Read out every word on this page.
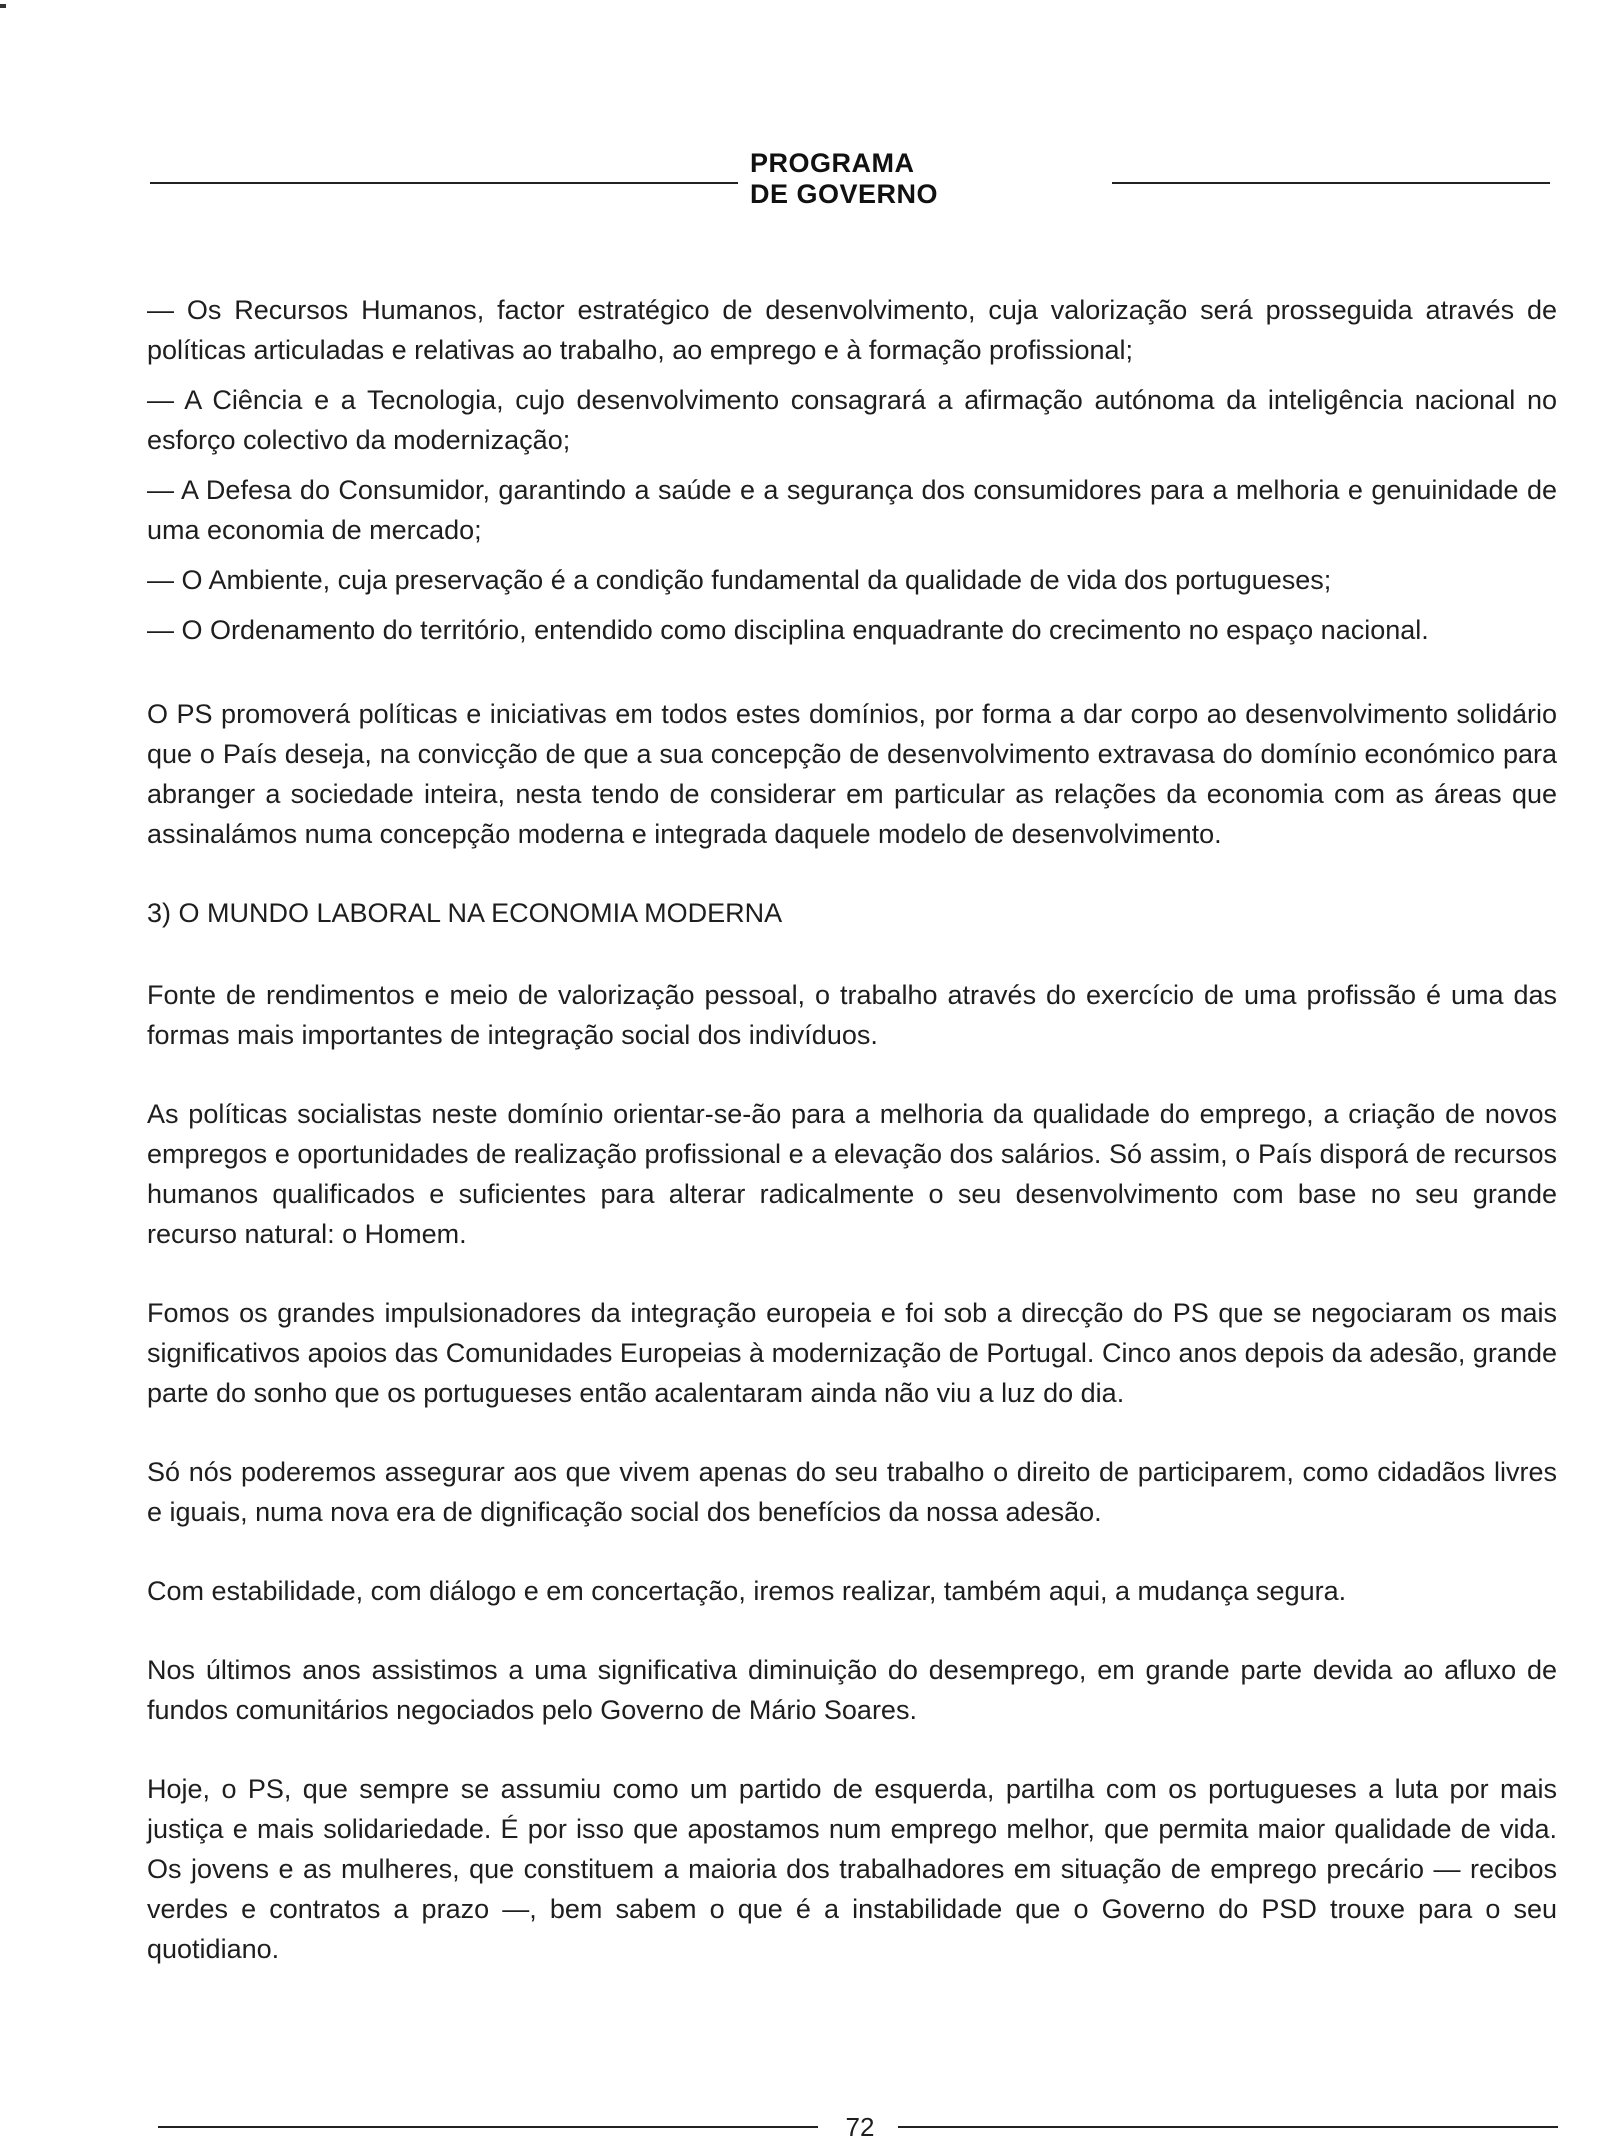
PROGRAMA
DE GOVERNO

— Os Recursos Humanos, factor estratégico de desenvolvimento, cuja valorização será prosseguida através de políticas articuladas e relativas ao trabalho, ao emprego e à formação profissional;

— A Ciência e a Tecnologia, cujo desenvolvimento consagrará a afirmação autónoma da inteligência nacional no esforço colectivo da modernização;

— A Defesa do Consumidor, garantindo a saúde e a segurança dos consumidores para a melhoria e genuinidade de uma economia de mercado;

— O Ambiente, cuja preservação é a condição fundamental da qualidade de vida dos portugueses;

— O Ordenamento do território, entendido como disciplina enquadrante do crecimento no espaço nacional.

O PS promoverá políticas e iniciativas em todos estes domínios, por forma a dar corpo ao desenvolvimento solidário que o País deseja, na convicção de que a sua concepção de desenvolvimento extravasa do domínio económico para abranger a sociedade inteira, nesta tendo de considerar em particular as relações da economia com as áreas que assinalámos numa concepção moderna e integrada daquele modelo de desenvolvimento.

3) O MUNDO LABORAL NA ECONOMIA MODERNA

Fonte de rendimentos e meio de valorização pessoal, o trabalho através do exercício de uma profissão é uma das formas mais importantes de integração social dos indivíduos.

As políticas socialistas neste domínio orientar-se-ão para a melhoria da qualidade do emprego, a criação de novos empregos e oportunidades de realização profissional e a elevação dos salários. Só assim, o País disporá de recursos humanos qualificados e suficientes para alterar radicalmente o seu desenvolvimento com base no seu grande recurso natural: o Homem.

Fomos os grandes impulsionadores da integração europeia e foi sob a direcção do PS que se negociaram os mais significativos apoios das Comunidades Europeias à modernização de Portugal. Cinco anos depois da adesão, grande parte do sonho que os portugueses então acalentaram ainda não viu a luz do dia.

Só nós poderemos assegurar aos que vivem apenas do seu trabalho o direito de participarem, como cidadãos livres e iguais, numa nova era de dignificação social dos benefícios da nossa adesão.

Com estabilidade, com diálogo e em concertação, iremos realizar, também aqui, a mudança segura.

Nos últimos anos assistimos a uma significativa diminuição do desemprego, em grande parte devida ao afluxo de fundos comunitários negociados pelo Governo de Mário Soares.

Hoje, o PS, que sempre se assumiu como um partido de esquerda, partilha com os portugueses a luta por mais justiça e mais solidariedade. É por isso que apostamos num emprego melhor, que permita maior qualidade de vida. Os jovens e as mulheres, que constituem a maioria dos trabalhadores em situação de emprego precário — recibos verdes e contratos a prazo —, bem sabem o que é a instabilidade que o Governo do PSD trouxe para o seu quotidiano.

72
